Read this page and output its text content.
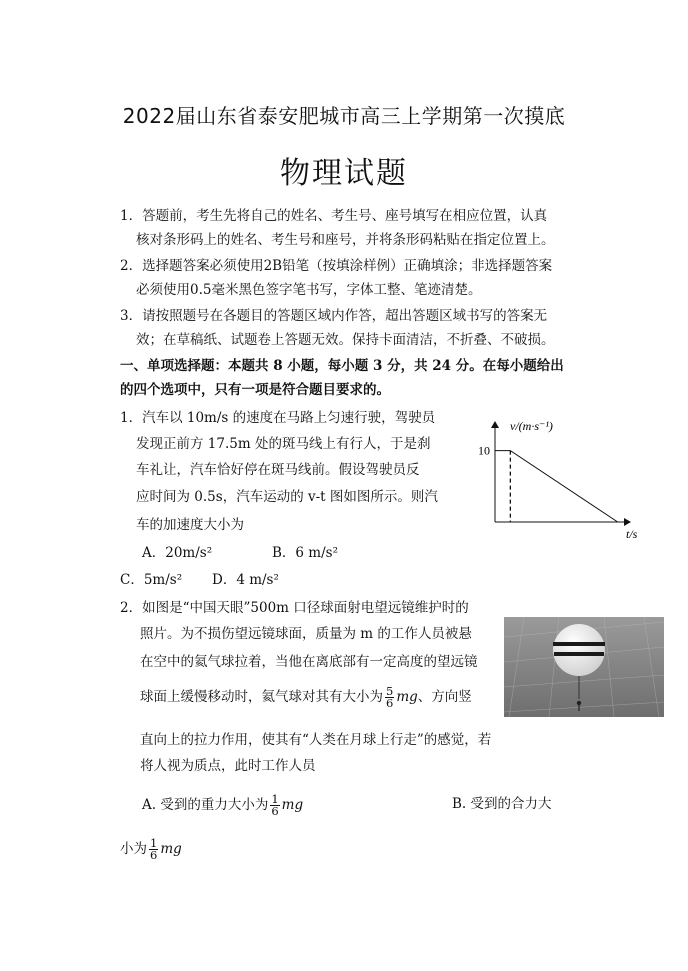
2022届山东省泰安肥城市高三上学期第一次摸底
物理试题
1．答题前，考生先将自己的姓名、考生号、座号填写在相应位置，认真
核对条形码上的姓名、考生号和座号，并将条形码粘贴在指定位置上。
2．选择题答案必须使用2B铅笔（按填涂样例）正确填涂；非选择题答案
必须使用0.5毫米黑色签字笔书写，字体工整、笔迹清楚。
3．请按照题号在各题目的答题区域内作答，超出答题区域书写的答案无
效；在草稿纸、试题卷上答题无效。保持卡面清洁，不折叠、不破损。
一、单项选择题：本题共 8 小题，每小题 3 分，共 24 分。在每小题给出
的四个选项中，只有一项是符合题目要求的。
1．汽车以 10m/s 的速度在马路上匀速行驶，驾驶员
发现正前方 17.5m 处的斑马线上有行人，于是刹
车礼让，汽车恰好停在斑马线前。假设驾驶员反
应时间为 0.5s，汽车运动的 v-t 图如图所示。则汽
车的加速度大小为
A．20m/s²	B．6 m/s²
C．5m/s² D．4 m/s²
10
v/(m·s⁻¹)
t/s
2．如图是“中国天眼”500m 口径球面射电望远镜维护时的
照片。为不损伤望远镜球面，质量为 m 的工作人员被悬
在空中的氦气球拉着，当他在离底部有一定高度的望远镜
球面上缓慢移动时，氦气球对其有大小为 $\frac{5}{6}$ mg、方向竖
直向上的拉力作用，使其有“人类在月球上行走”的感觉，若
将人视为质点，此时工作人员
A. 受到的重力大小为 $\frac{1}{6}$ mg	B. 受到的合力大
小为 $\frac{1}{6}$ mg
